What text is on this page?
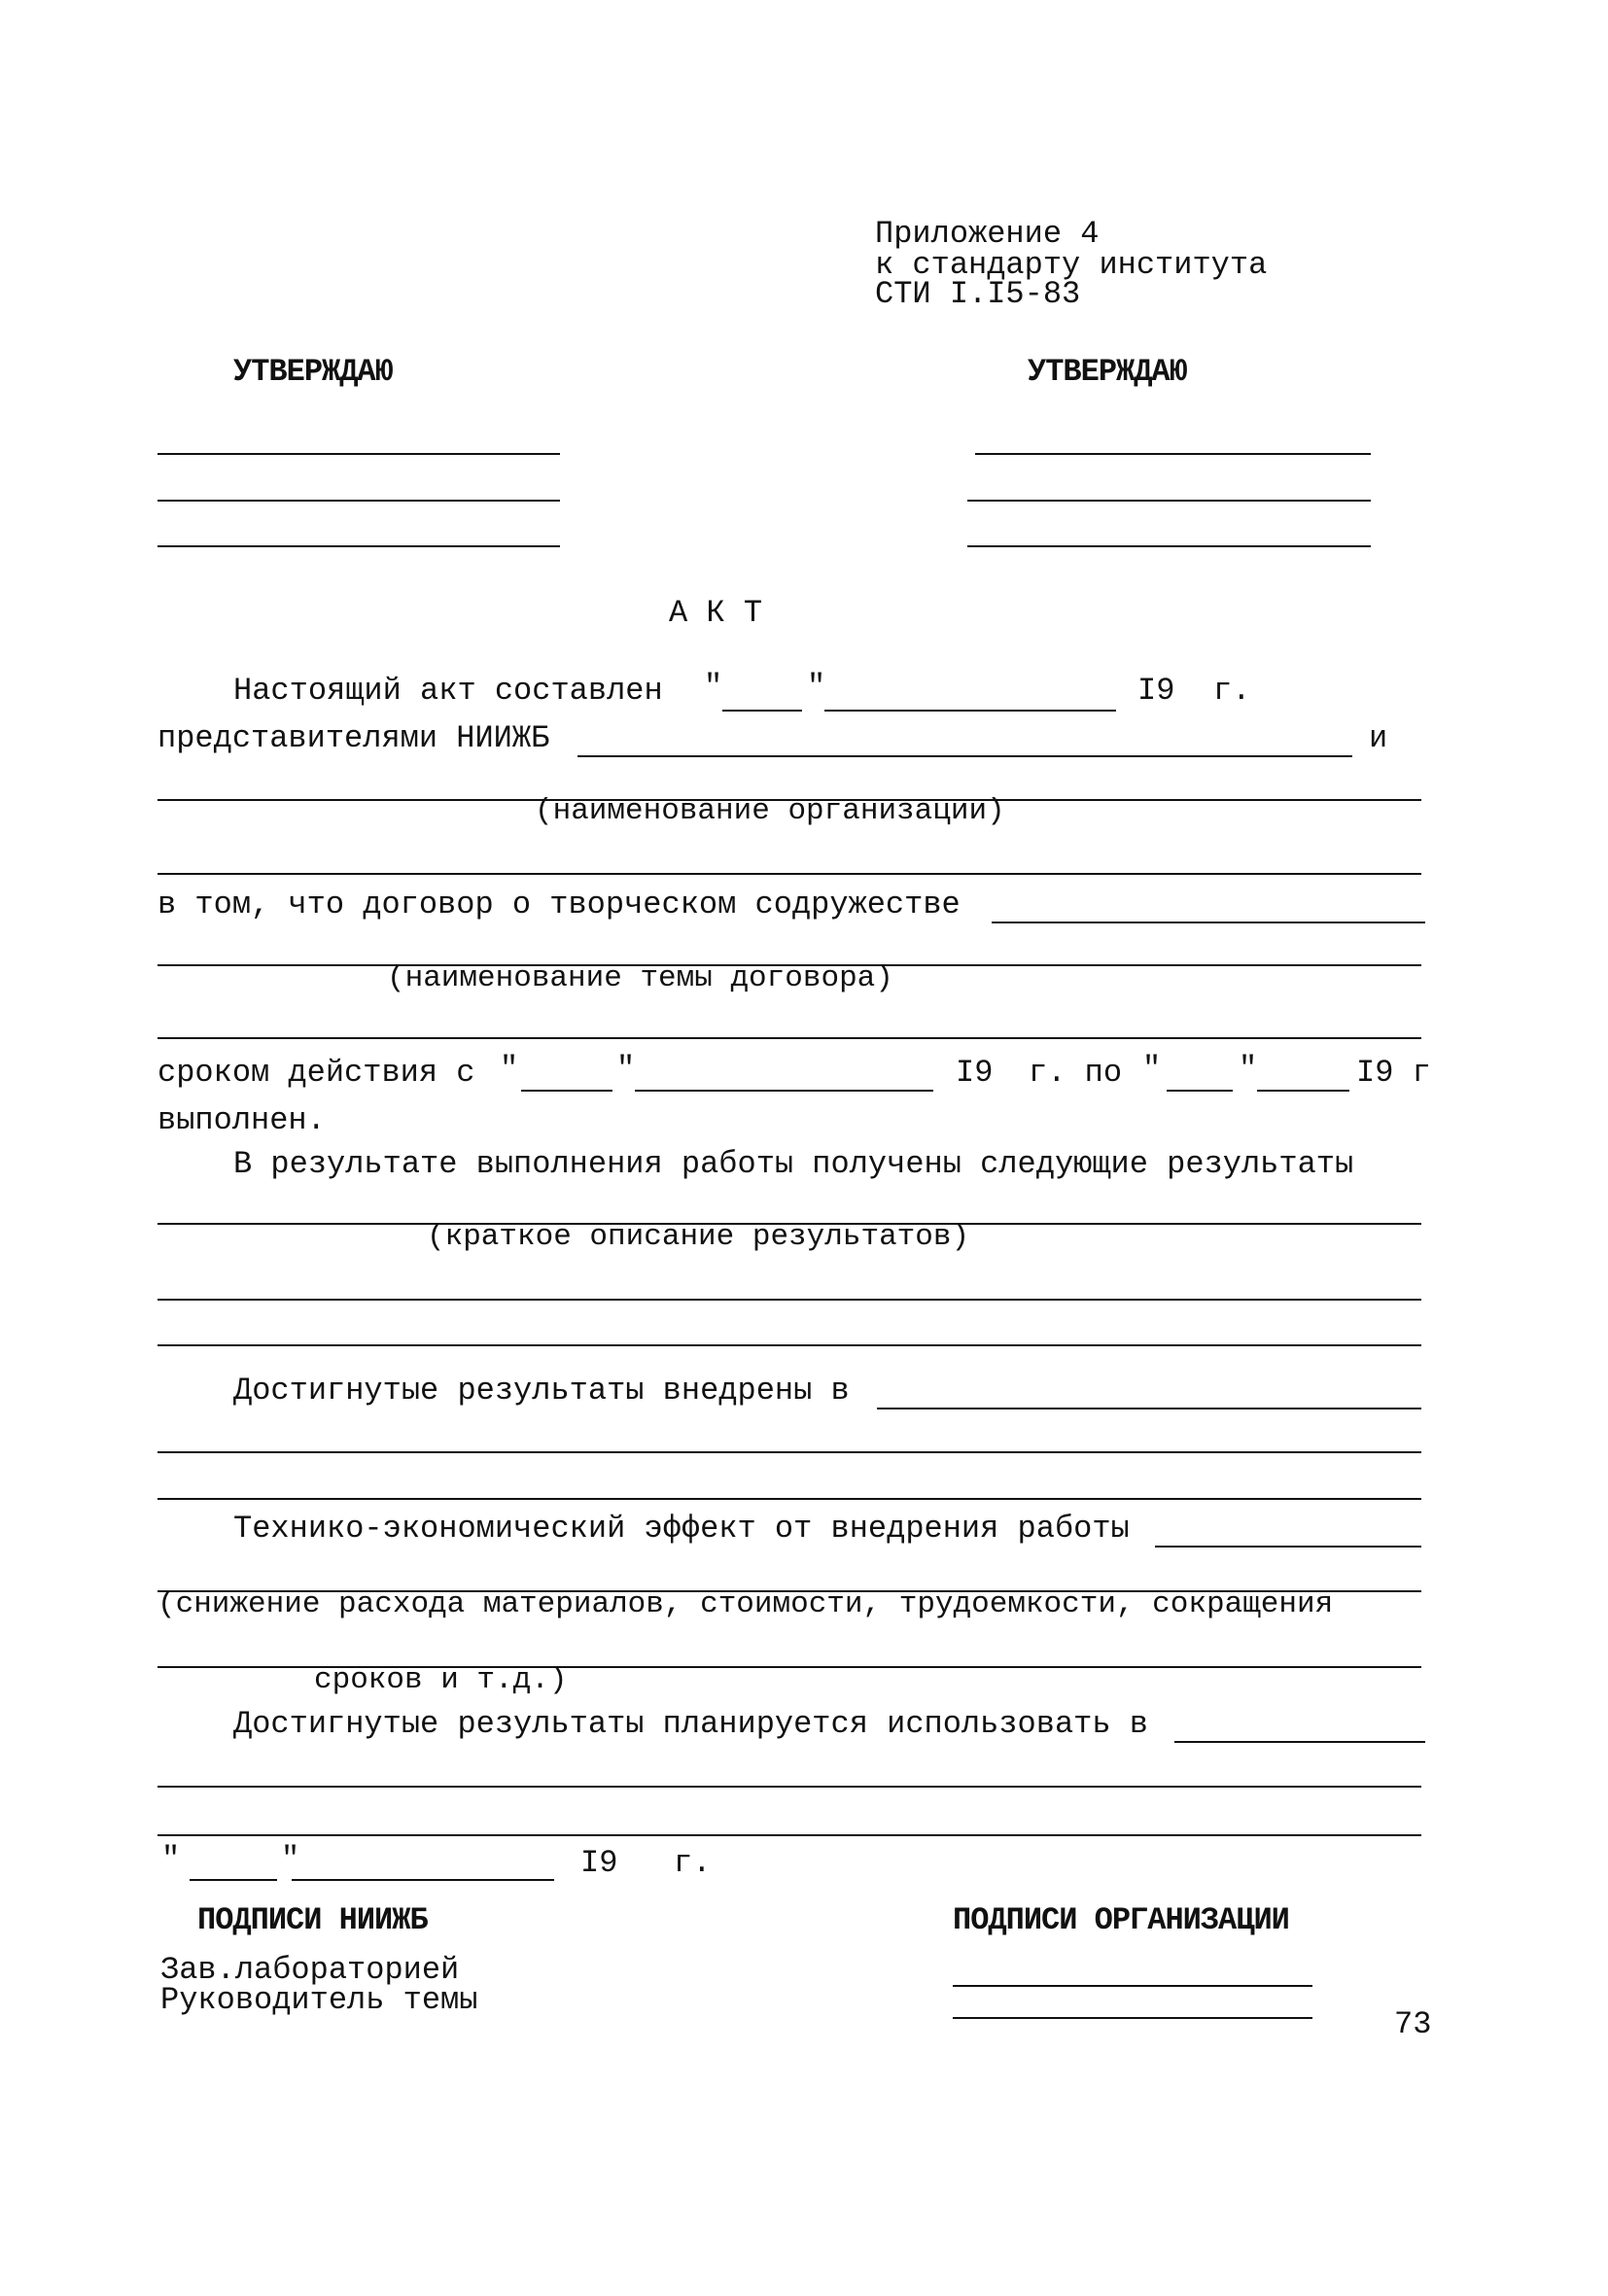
Приложение 4
к стандарту института
СТИ I.I5-83
УТВЕРЖДАЮ	УТВЕРЖДАЮ
А К Т
Настоящий акт составлен "	"	I9 г.
представителями НИИЖБ	и
(наименование организации)
в том, что договор о творческом содружестве
(наименование темы договора)
сроком действия с "	"	I9 г. по " "	I9 г
выполнен.
В результате выполнения работы получены следующие результаты
(краткое описание результатов)
Достигнутые результаты внедрены в
Технико-экономический эффект от внедрения работы
(снижение расхода материалов, стоимости, трудоемкости, сокращения
сроков и т.д.)
Достигнутые результаты планируется использовать в
"	"	I9 г.
ПОДПИСИ НИИЖБ	ПОДПИСИ ОРГАНИЗАЦИИ
Зав.лабораторией
Руководитель темы
73
